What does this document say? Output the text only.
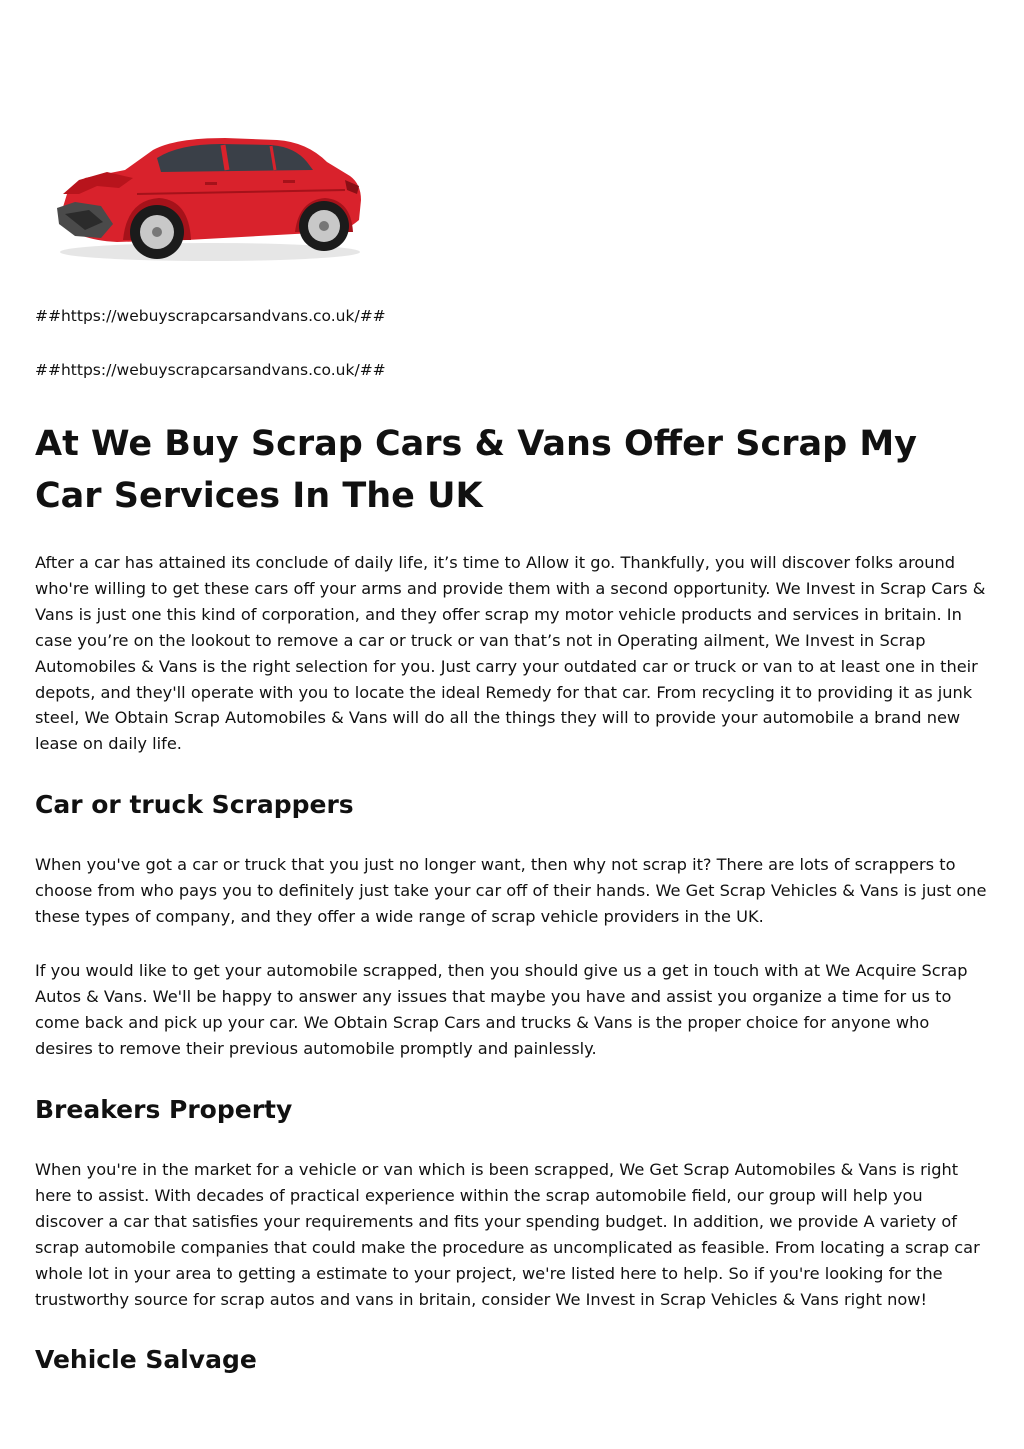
##https://webuyscrapcarsandvans.co.uk/##
##https://webuyscrapcarsandvans.co.uk/##
At We Buy Scrap Cars & Vans Offer Scrap My Car Services In The UK

After a car has attained its conclude of daily life, it’s time to Allow it go. Thankfully, you will discover folks around who're willing to get these cars off your arms and provide them with a second opportunity. We Invest in Scrap Cars & Vans is just one this kind of corporation, and they offer scrap my motor vehicle products and services in britain. In case you’re on the lookout to remove a car or truck or van that’s not in Operating ailment, We Invest in Scrap Automobiles & Vans is the right selection for you. Just carry your outdated car or truck or van to at least one in their depots, and they'll operate with you to locate the ideal Remedy for that car. From recycling it to providing it as junk steel, We Obtain Scrap Automobiles & Vans will do all the things they will to provide your automobile a brand new lease on daily life.

Car or truck Scrappers

When you've got a car or truck that you just no longer want, then why not scrap it? There are lots of scrappers to choose from who pays you to definitely just take your car off of their hands. We Get Scrap Vehicles & Vans is just one these types of company, and they offer a wide range of scrap vehicle providers in the UK.

If you would like to get your automobile scrapped, then you should give us a get in touch with at We Acquire Scrap Autos & Vans. We'll be happy to answer any issues that maybe you have and assist you organize a time for us to come back and pick up your car. We Obtain Scrap Cars and trucks & Vans is the proper choice for anyone who desires to remove their previous automobile promptly and painlessly.

Breakers Property

When you're in the market for a vehicle or van which is been scrapped, We Get Scrap Automobiles & Vans is right here to assist. With decades of practical experience within the scrap automobile field, our group will help you discover a car that satisfies your requirements and fits your spending budget. In addition, we provide A variety of scrap automobile companies that could make the procedure as uncomplicated as feasible. From locating a scrap car whole lot in your area to getting a estimate to your project, we're listed here to help. So if you're looking for the trustworthy source for scrap autos and vans in britain, consider We Invest in Scrap Vehicles & Vans right now!

Vehicle Salvage
